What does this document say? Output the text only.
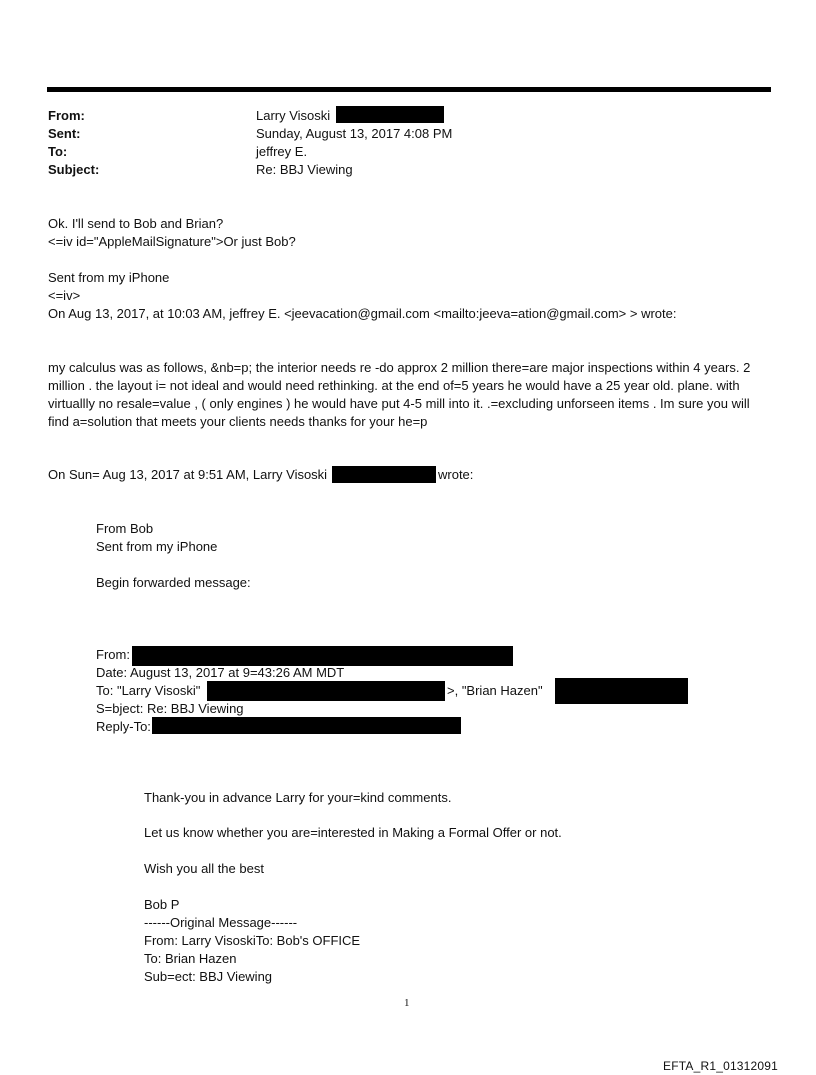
From:	Larry Visoski
Sent:	Sunday, August 13, 2017 4:08 PM
To:	jeffrey E.
Subject:	Re: BBJ Viewing
Ok. I'll send to Bob and Brian?
<=iv id="AppleMailSignature">Or just Bob?
Sent from my iPhone
<=iv>
On Aug 13, 2017, at 10:03 AM, jeffrey E. <jeevacation@gmail.com <mailto:jeeva=ation@gmail.com> > wrote:
my calculus was as follows, &nb=p; the interior needs re -do approx 2 million there=are major inspections within 4 years. 2 million . the layout i= not ideal and would need rethinking. at the end of=5 years he would have a 25 year old. plane. with virtuallly no resale=value , ( only engines ) he would have put 4-5 mill into it. .=excluding unforseen items . Im sure you will find a=solution that meets your clients needs thanks for your he=p
On Sun= Aug 13, 2017 at 9:51 AM, Larry Visoski	wrote:
From Bob
Sent from my iPhone
Begin forwarded message:
From:
Date: August 13, 2017 at 9=43:26 AM MDT
To: "Larry Visoski"	>, "Brian Hazen"
S=bject: Re: BBJ Viewing
Reply-To:
Thank-you in advance Larry for your=kind comments.
Let us know whether you are=interested in Making a Formal Offer or not.
Wish you all the best
Bob P
------Original Message------
From: Larry VisoskiTo: Bob's OFFICE
To: Brian Hazen
Sub=ect: BBJ Viewing
1
EFTA_R1_01312091
